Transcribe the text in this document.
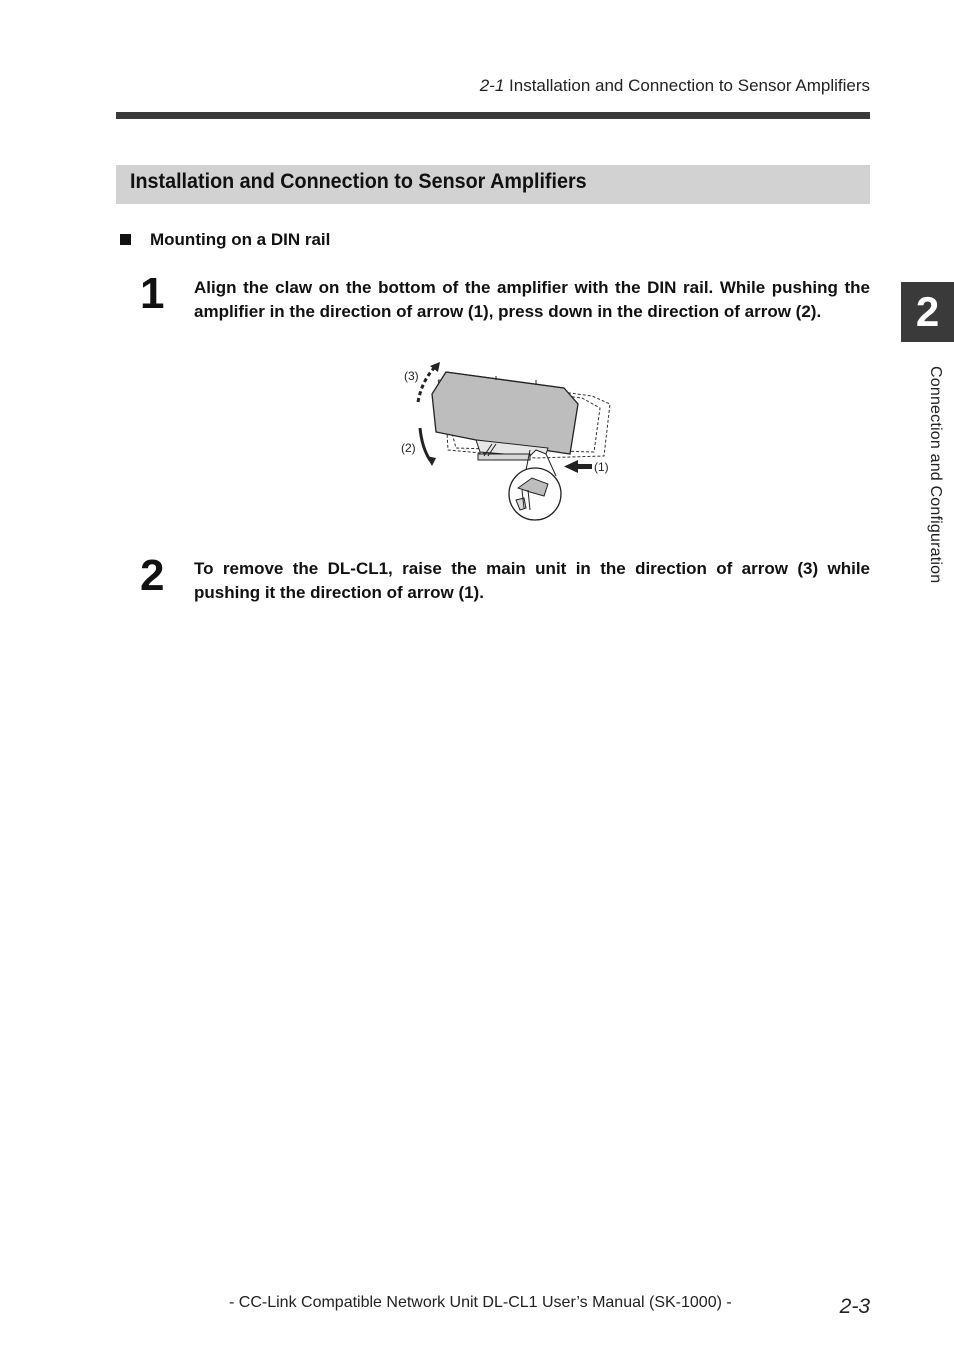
2-1 Installation and Connection to Sensor Amplifiers
Installation and Connection to Sensor Amplifiers
Mounting on a DIN rail
1 Align the claw on the bottom of the amplifier with the DIN rail. While pushing the amplifier in the direction of arrow (1), press down in the direction of arrow (2).
(3)
(2)
(1)
2 To remove the DL-CL1, raise the main unit in the direction of arrow (3) while pushing it the direction of arrow (1).
2
Connection and Configuration
- CC-Link Compatible Network Unit DL-CL1 User’s Manual (SK-1000) -	2-3
